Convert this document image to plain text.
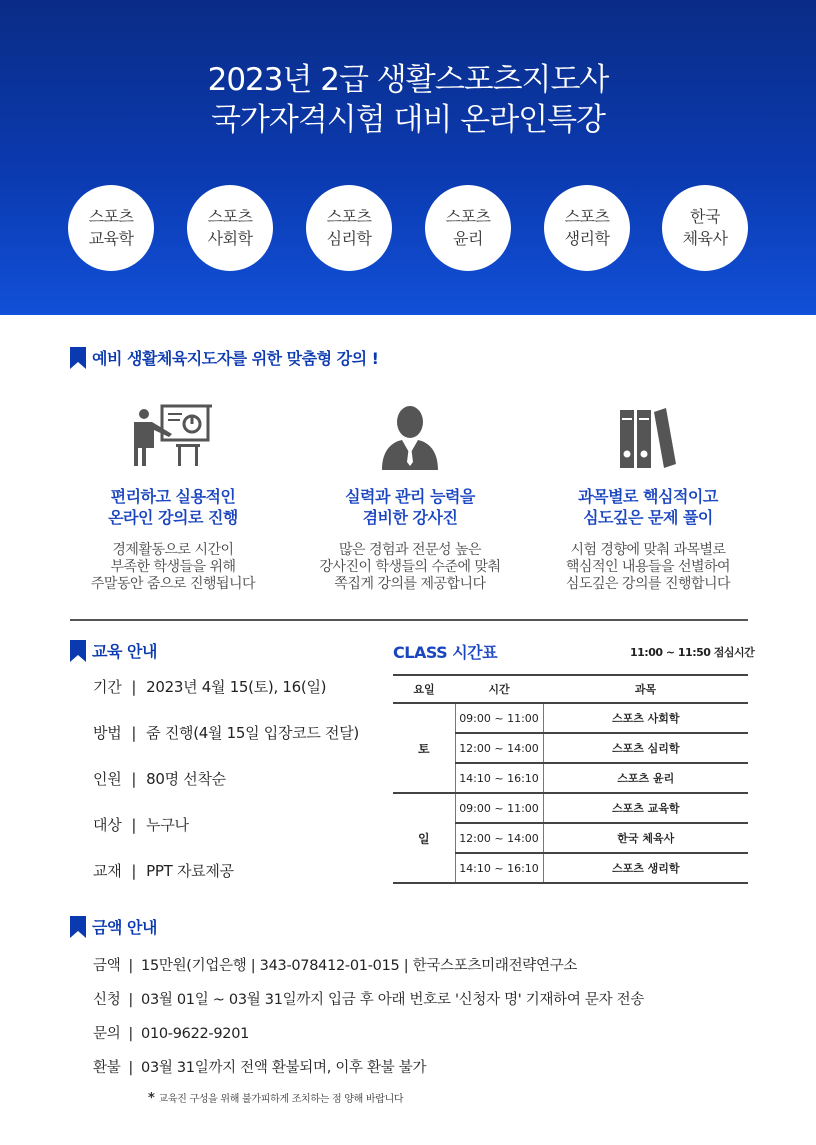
2023년 2급 생활스포츠지도사
국가자격시험 대비 온라인특강
스포츠
교육학
스포츠
사회학
스포츠
심리학
스포츠
윤리
스포츠
생리학
한국
체육사
예비 생활체육지도자를 위한 맞춤형 강의 !
편리하고 실용적인
온라인 강의로 진행
경제활동으로 시간이
부족한 학생들을 위해
주말동안 줌으로 진행됩니다
실력과 관리 능력을
겸비한 강사진
많은 경험과 전문성 높은
강사진이 학생들의 수준에 맞춰
쪽집게 강의를 제공합니다
과목별로 핵심적이고
심도깊은 문제 풀이
시험 경향에 맞춰 과목별로
핵심적인 내용들을 선별하여
심도깊은 강의를 진행합니다
교육 안내
기간 | 2023년 4월 15(토), 16(일)
방법 | 줌 진행(4월 15일 입장코드 전달)
인원 | 80명 선착순
대상 | 누구나
교재 | PPT 자료제공
CLASS 시간표	11:00 ~ 11:50 점심시간
요일	시간	과목
토	09:00 ~ 11:00	스포츠 사회학
	12:00 ~ 14:00	스포츠 심리학
	14:10 ~ 16:10	스포츠 윤리
일	09:00 ~ 11:00	스포츠 교육학
	12:00 ~ 14:00	한국 체육사
	14:10 ~ 16:10	스포츠 생리학
금액 안내
금액 | 15만원(기업은행 | 343-078412-01-015 | 한국스포츠미래전략연구소
신청 | 03월 01일 ~ 03월 31일까지 입금 후 아래 번호로 '신청자 명' 기재하여 문자 전송
문의 | 010-9622-9201
환불 | 03월 31일까지 전액 환불되며, 이후 환불 불가
* 교육진 구성을 위해 불가피하게 조치하는 점 양해 바랍니다
